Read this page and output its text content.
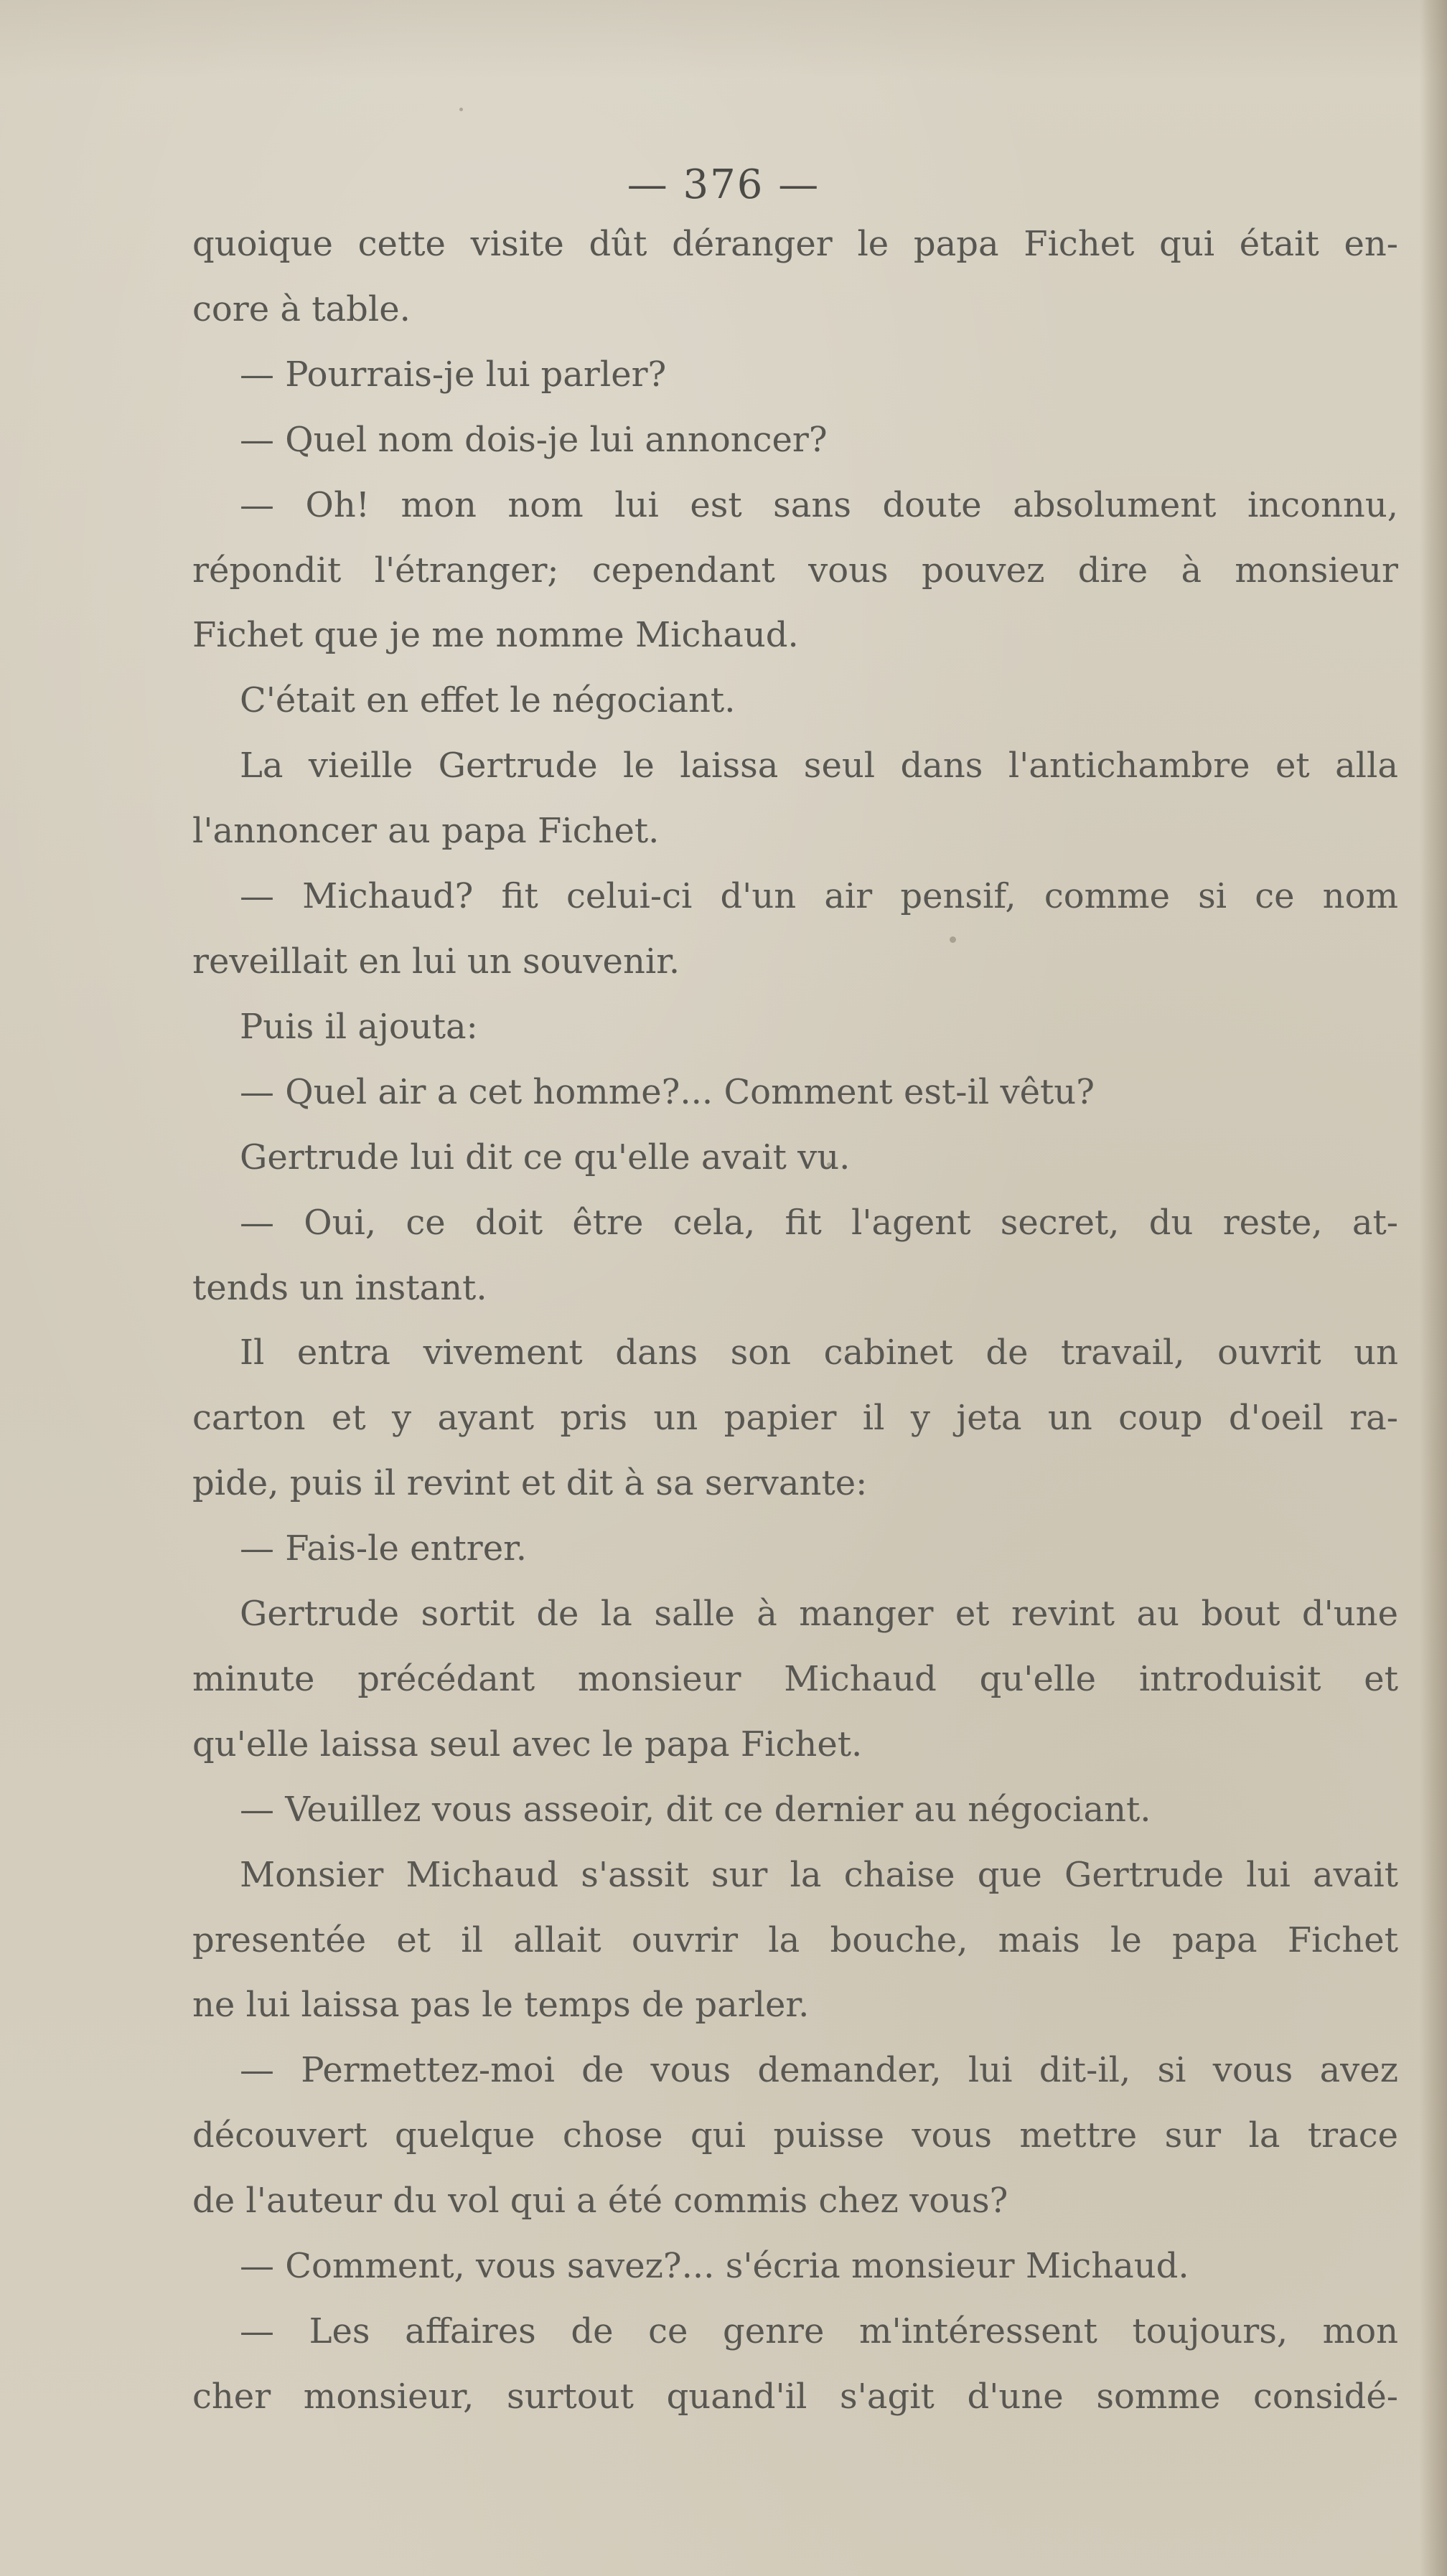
— 376 —
quoique cette visite dût déranger le papa Fichet qui était en-
core à table.
— Pourrais-je lui parler?
— Quel nom dois-je lui annoncer?
— Oh! mon nom lui est sans doute absolument inconnu,
répondit l'étranger; cependant vous pouvez dire à monsieur
Fichet que je me nomme Michaud.
C'était en effet le négociant.
La vieille Gertrude le laissa seul dans l'antichambre et alla
l'annoncer au papa Fichet.
— Michaud? fit celui-ci d'un air pensif, comme si ce nom
reveillait en lui un souvenir.
Puis il ajouta:
— Quel air a cet homme?... Comment est-il vêtu?
Gertrude lui dit ce qu'elle avait vu.
— Oui, ce doit être cela, fit l'agent secret, du reste, at-
tends un instant.
Il entra vivement dans son cabinet de travail, ouvrit un
carton et y ayant pris un papier il y jeta un coup d'oeil ra-
pide, puis il revint et dit à sa servante:
— Fais-le entrer.
Gertrude sortit de la salle à manger et revint au bout d'une
minute précédant monsieur Michaud qu'elle introduisit et
qu'elle laissa seul avec le papa Fichet.
— Veuillez vous asseoir, dit ce dernier au négociant.
Monsier Michaud s'assit sur la chaise que Gertrude lui avait
presentée et il allait ouvrir la bouche, mais le papa Fichet
ne lui laissa pas le temps de parler.
— Permettez-moi de vous demander, lui dit-il, si vous avez
découvert quelque chose qui puisse vous mettre sur la trace
de l'auteur du vol qui a été commis chez vous?
— Comment, vous savez?... s'écria monsieur Michaud.
— Les affaires de ce genre m'intéressent toujours, mon
cher monsieur, surtout quand'il s'agit d'une somme considé-
